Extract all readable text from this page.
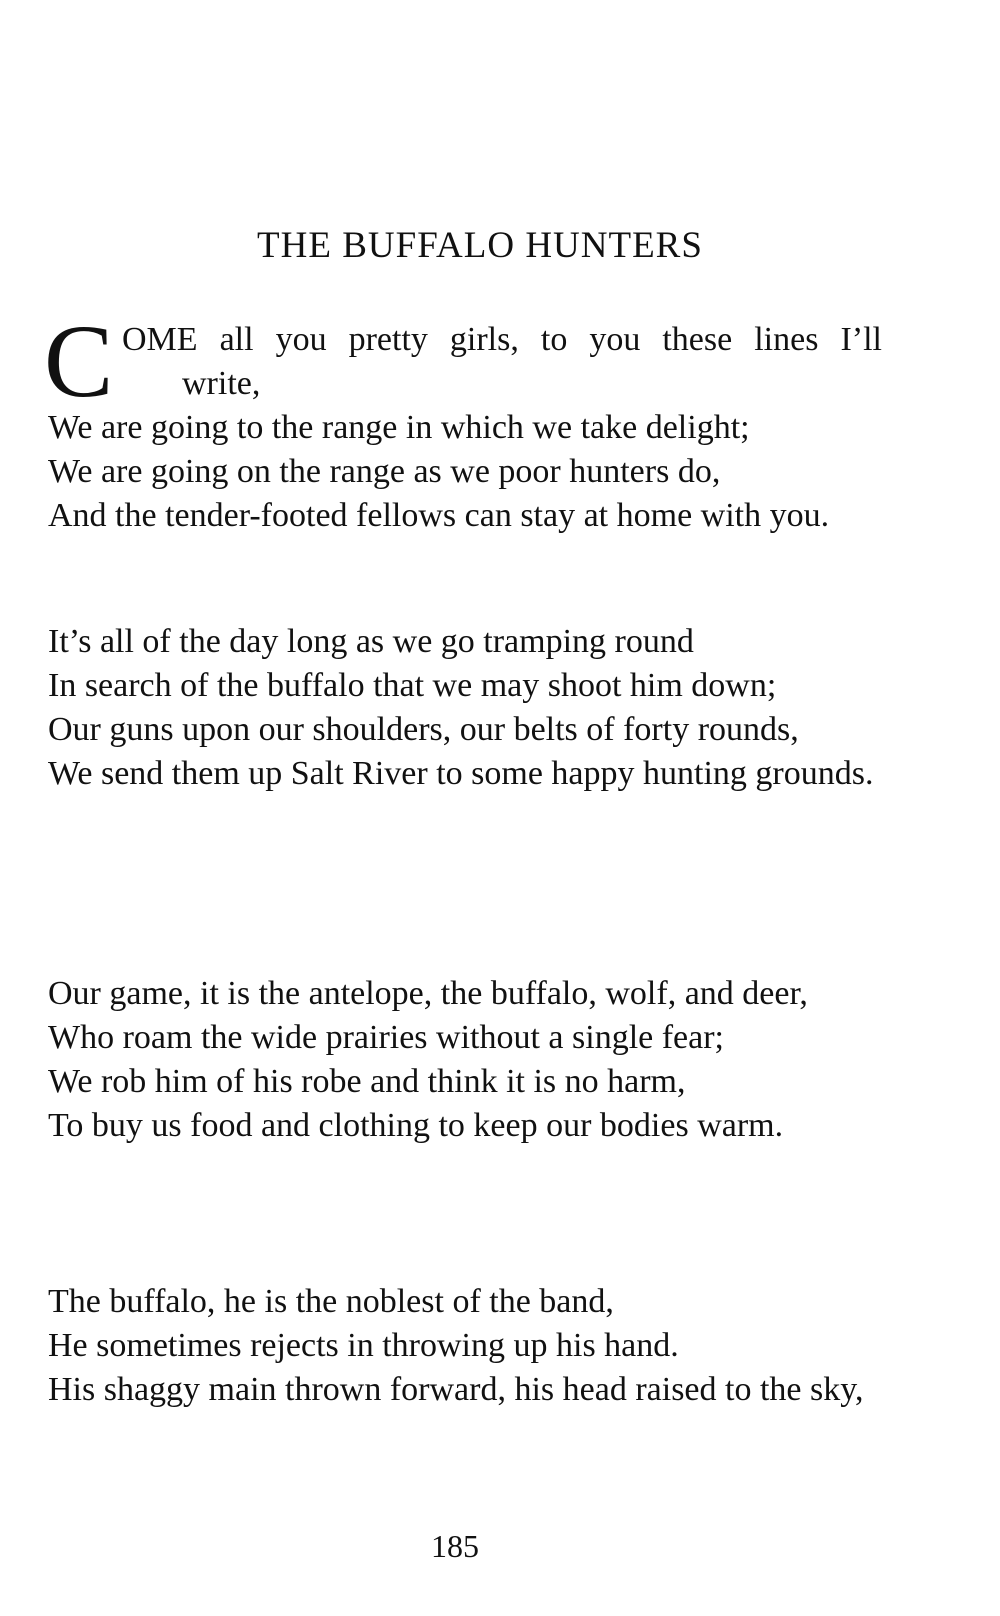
THE BUFFALO HUNTERS
C OME all you pretty girls, to you these lines I’ll
write,

We are going to the range in which we take delight;

We are going on the range as we poor hunters do,

And the tender-footed fellows can stay at home with you.

It’s all of the day long as we go tramping round

In search of the buffalo that we may shoot him down;

Our guns upon our shoulders, our belts of forty rounds,

We send them up Salt River to some happy hunting grounds.

Our game, it is the antelope, the buffalo, wolf, and deer,

Who roam the wide prairies without a single fear;

We rob him of his robe and think it is no harm,

To buy us food and clothing to keep our bodies warm.

The buffalo, he is the noblest of the band,

He sometimes rejects in throwing up his hand.

His shaggy main thrown forward, his head raised to the sky,

185
